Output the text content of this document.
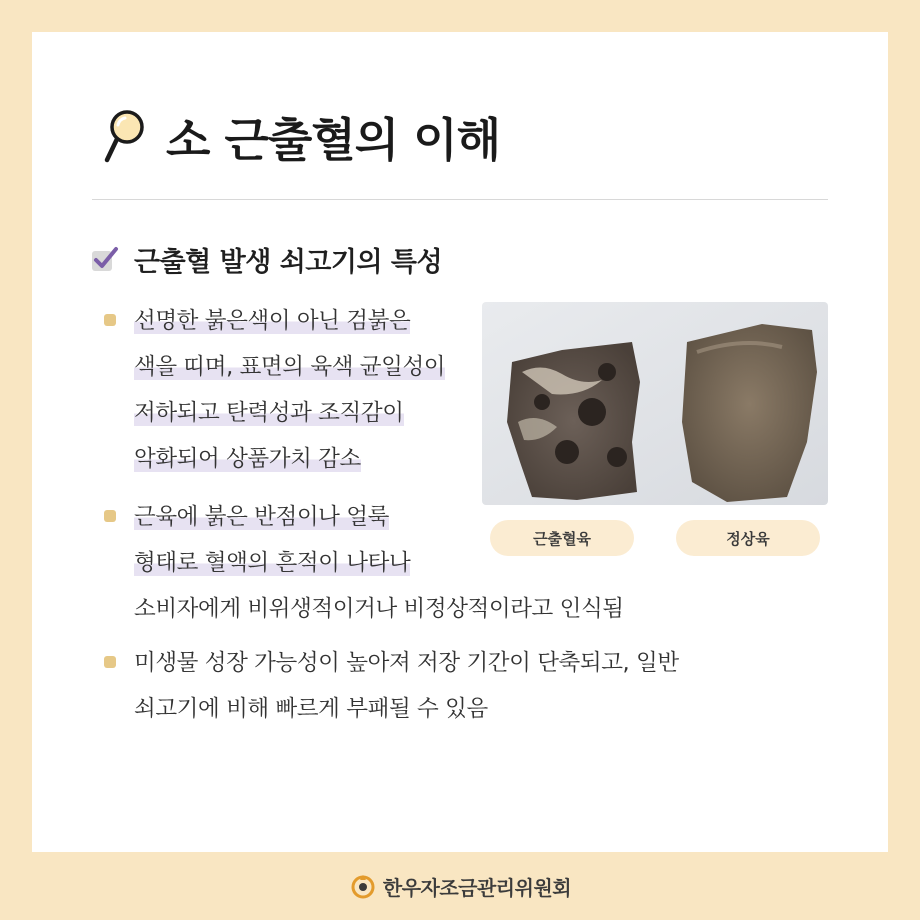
소 근출혈의 이해
근출혈 발생 쇠고기의 특성
선명한 붉은색이 아닌 검붉은
색을 띠며, 표면의 육색 균일성이
저하되고 탄력성과 조직감이
악화되어 상품가치 감소
근육에 붉은 반점이나 얼룩
형태로 혈액의 흔적이 나타나
소비자에게 비위생적이거나 비정상적이라고 인식됨
미생물 성장 가능성이 높아져 저장 기간이 단축되고, 일반
쇠고기에 비해 빠르게 부패될 수 있음
근출혈육	정상육
한우자조금관리위원회
